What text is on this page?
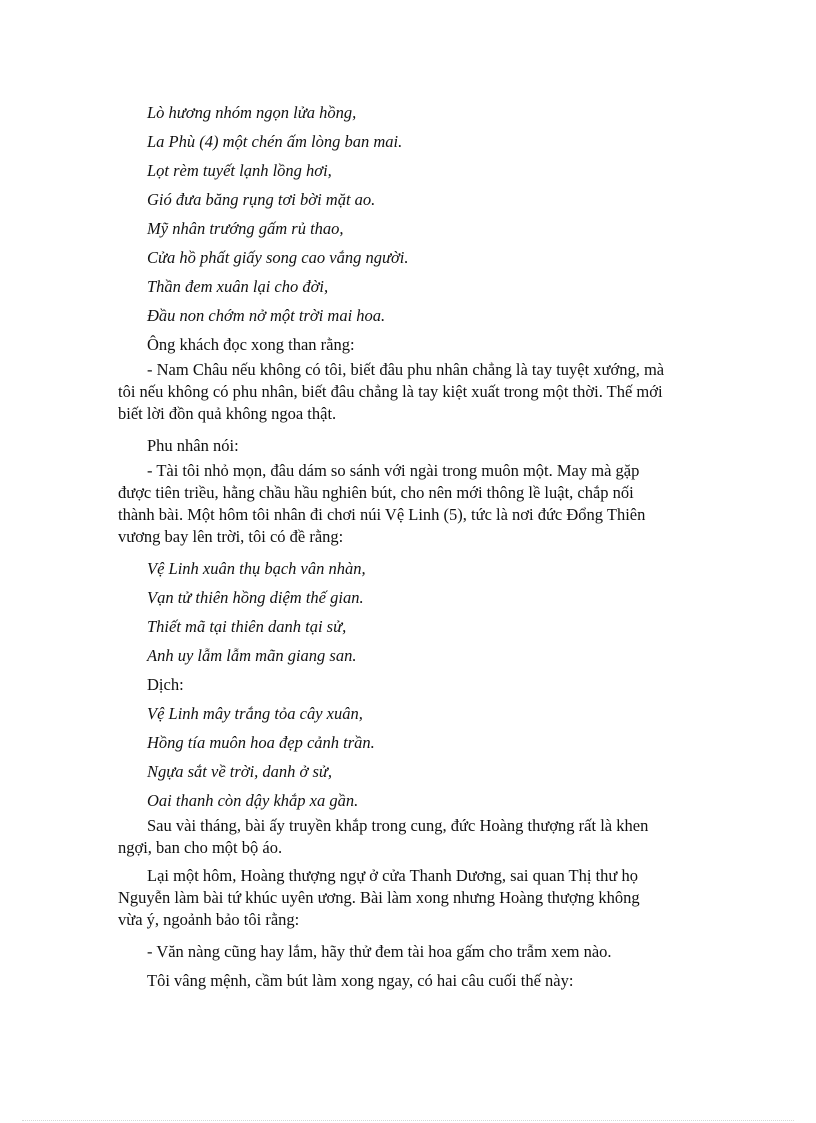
Lò hương nhóm ngọn lửa hồng,

La Phù (4) một chén ấm lòng ban mai.

Lọt rèm tuyết lạnh lồng hơi,

Gió đưa băng rụng tơi bời mặt ao.

Mỹ nhân trướng gấm rủ thao,

Cửa hồ phất giấy song cao vắng người.

Thần đem xuân lại cho đời,

Đầu non chớm nở một trời mai hoa.

Ông khách đọc xong than rằng:

- Nam Châu nếu không có tôi, biết đâu phu nhân chẳng là tay tuyệt xướng, mà
tôi nếu không có phu nhân, biết đâu chẳng là tay kiệt xuất trong một thời. Thế mới
biết lời đồn quả không ngoa thật.

Phu nhân nói:

- Tài tôi nhỏ mọn, đâu dám so sánh với ngài trong muôn một. May mà gặp
được tiên triều, hằng chầu hầu nghiên bút, cho nên mới thông lề luật, chắp nối
thành bài. Một hôm tôi nhân đi chơi núi Vệ Linh (5), tức là nơi đức Đổng Thiên
vương bay lên trời, tôi có đề rằng:

Vệ Linh xuân thụ bạch vân nhàn,

Vạn tử thiên hồng diệm thế gian.

Thiết mã tại thiên danh tại sử,

Anh uy lẫm lẫm mãn giang san.

Dịch:

Vệ Linh mây trắng tỏa cây xuân,

Hồng tía muôn hoa đẹp cảnh trần.

Ngựa sắt về trời, danh ở sử,

Oai thanh còn dậy khắp xa gần.

Sau vài tháng, bài ấy truyền khắp trong cung, đức Hoàng thượng rất là khen
ngợi, ban cho một bộ áo.
Lại một hôm, Hoàng thượng ngự ở cửa Thanh Dương, sai quan Thị thư họ
Nguyễn làm bài tứ khúc uyên ương. Bài làm xong nhưng Hoàng thượng không
vừa ý, ngoảnh bảo tôi rằng:

- Văn nàng cũng hay lắm, hãy thử đem tài hoa gấm cho trẫm xem nào.

Tôi vâng mệnh, cầm bút làm xong ngay, có hai câu cuối thế này:
